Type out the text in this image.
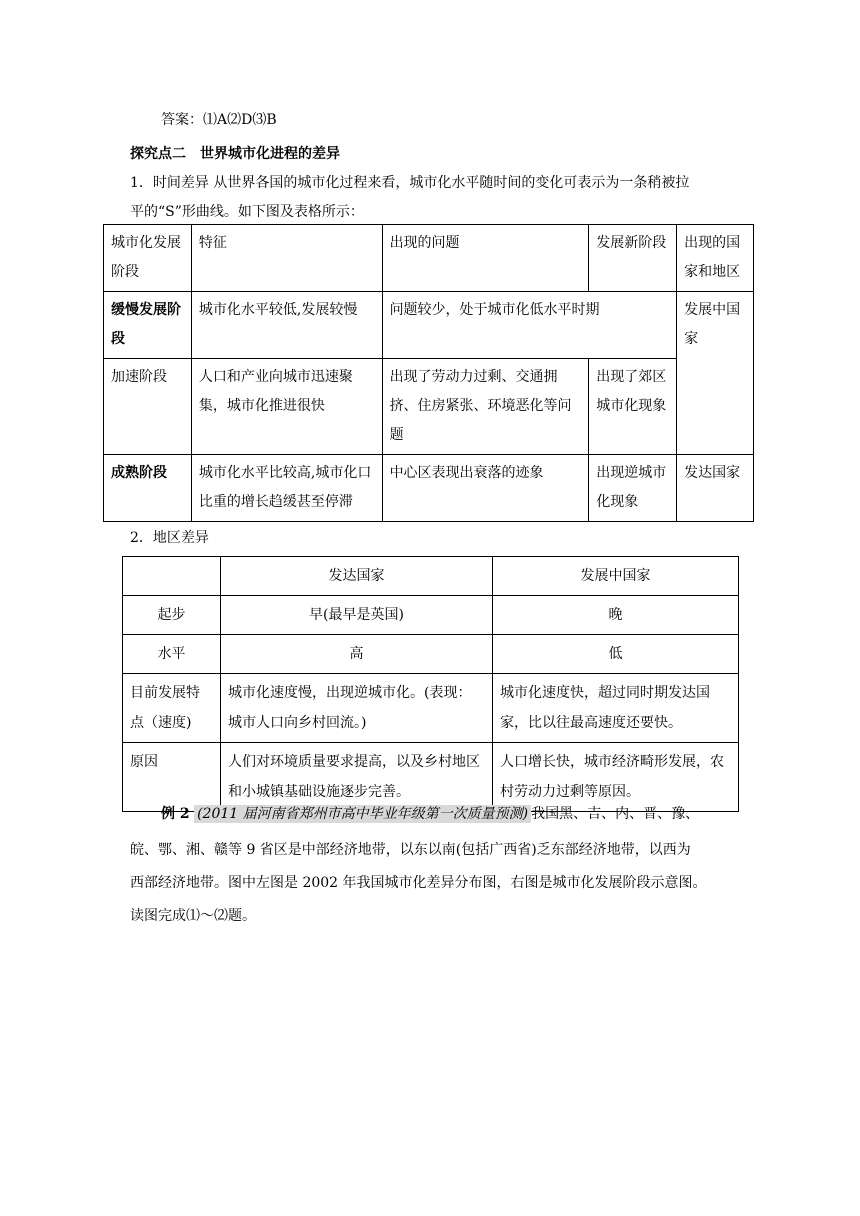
答案：⑴A⑵D⑶B
探究点二　世界城市化进程的差异
1．时间差异 从世界各国的城市化过程来看，城市化水平随时间的变化可表示为一条稍被拉
平的“S”形曲线。如下图及表格所示：
城市化发展阶段	特征	出现的问题	发展新阶段	出现的国家和地区
缓慢发展阶段	城市化水平较低,发展较慢	问题较少，处于城市化低水平时期		发展中国家
加速阶段	人口和产业向城市迅速聚集，城市化推进很快	出现了劳动力过剩、交通拥挤、住房紧张、环境恶化等问题	出现了郊区城市化现象	
成熟阶段	城市化水平比较高,城市化口比重的增长趋缓甚至停滞	中心区表现出衰落的迹象	出现逆城市化现象	发达国家
2．地区差异
	发达国家	发展中国家
起步	早(最早是英国)	晚
水平	高	低
目前发展特点（速度)	城市化速度慢，出现逆城市化。(表现：城市人口向乡村回流。)	城市化速度快，超过同时期发达国家，比以往最高速度还要快。
原因	人们对环境质量要求提高，以及乡村地区和小城镇基础设施逐步完善。	人口增长快，城市经济畸形发展，农村劳动力过剩等原因。
例 2 (2011 届河南省郑州市高中毕业年级第一次质量预测) 我国黑、吉、内、晋、豫、
皖、鄂、湘、赣等 9 省区是中部经济地带，以东以南(包括广西省)乏东部经济地带，以西为
西部经济地带。图中左图是 2002 年我国城市化差异分布图，右图是城市化发展阶段示意图。
读图完成⑴～⑵题。
